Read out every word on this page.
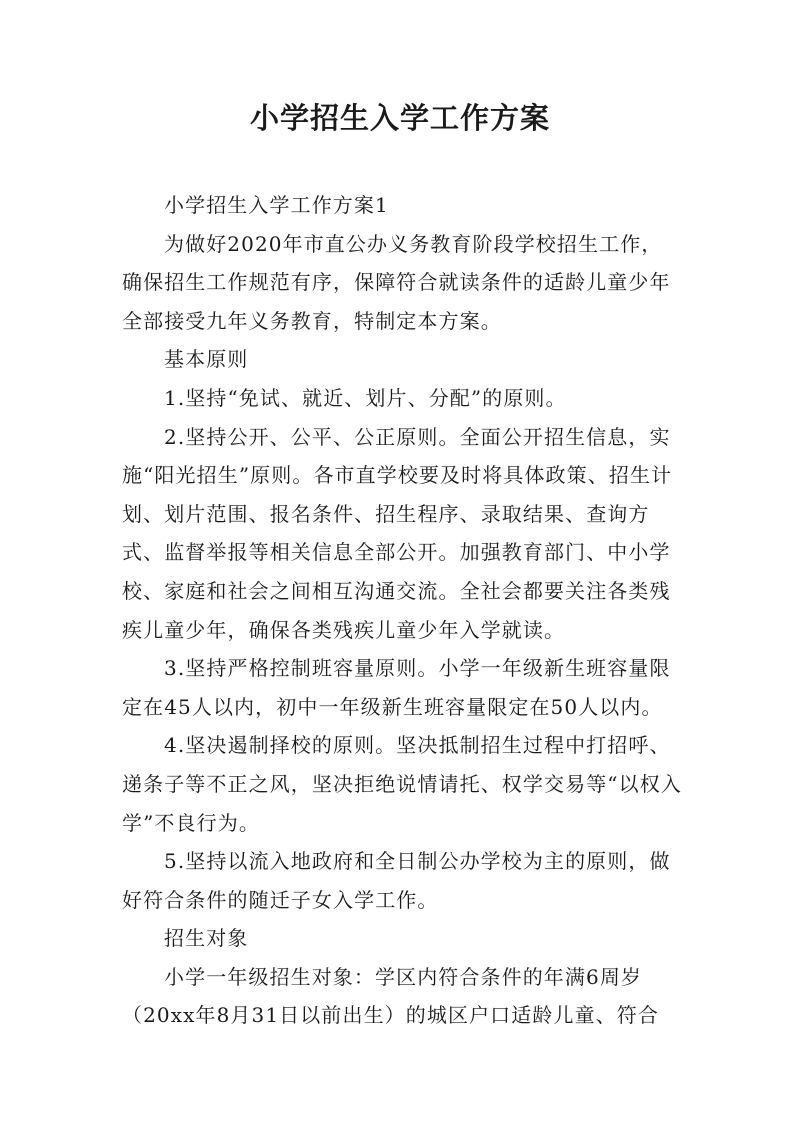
小学招生入学工作方案

小学招生入学工作方案1

为做好2020年市直公办义务教育阶段学校招生工作，确保招生工作规范有序，保障符合就读条件的适龄儿童少年全部接受九年义务教育，特制定本方案。

基本原则

1.坚持“免试、就近、划片、分配”的原则。

2.坚持公开、公平、公正原则。全面公开招生信息，实施“阳光招生”原则。各市直学校要及时将具体政策、招生计划、划片范围、报名条件、招生程序、录取结果、查询方式、监督举报等相关信息全部公开。加强教育部门、中小学校、家庭和社会之间相互沟通交流。全社会都要关注各类残疾儿童少年，确保各类残疾儿童少年入学就读。

3.坚持严格控制班容量原则。小学一年级新生班容量限定在45人以内，初中一年级新生班容量限定在50人以内。

4.坚决遏制择校的原则。坚决抵制招生过程中打招呼、递条子等不正之风，坚决拒绝说情请托、权学交易等“以权入学”不良行为。

5.坚持以流入地政府和全日制公办学校为主的原则，做好符合条件的随迁子女入学工作。

招生对象

小学一年级招生对象：学区内符合条件的年满6周岁（20xx年8月31日以前出生）的城区户口适龄儿童、符合
